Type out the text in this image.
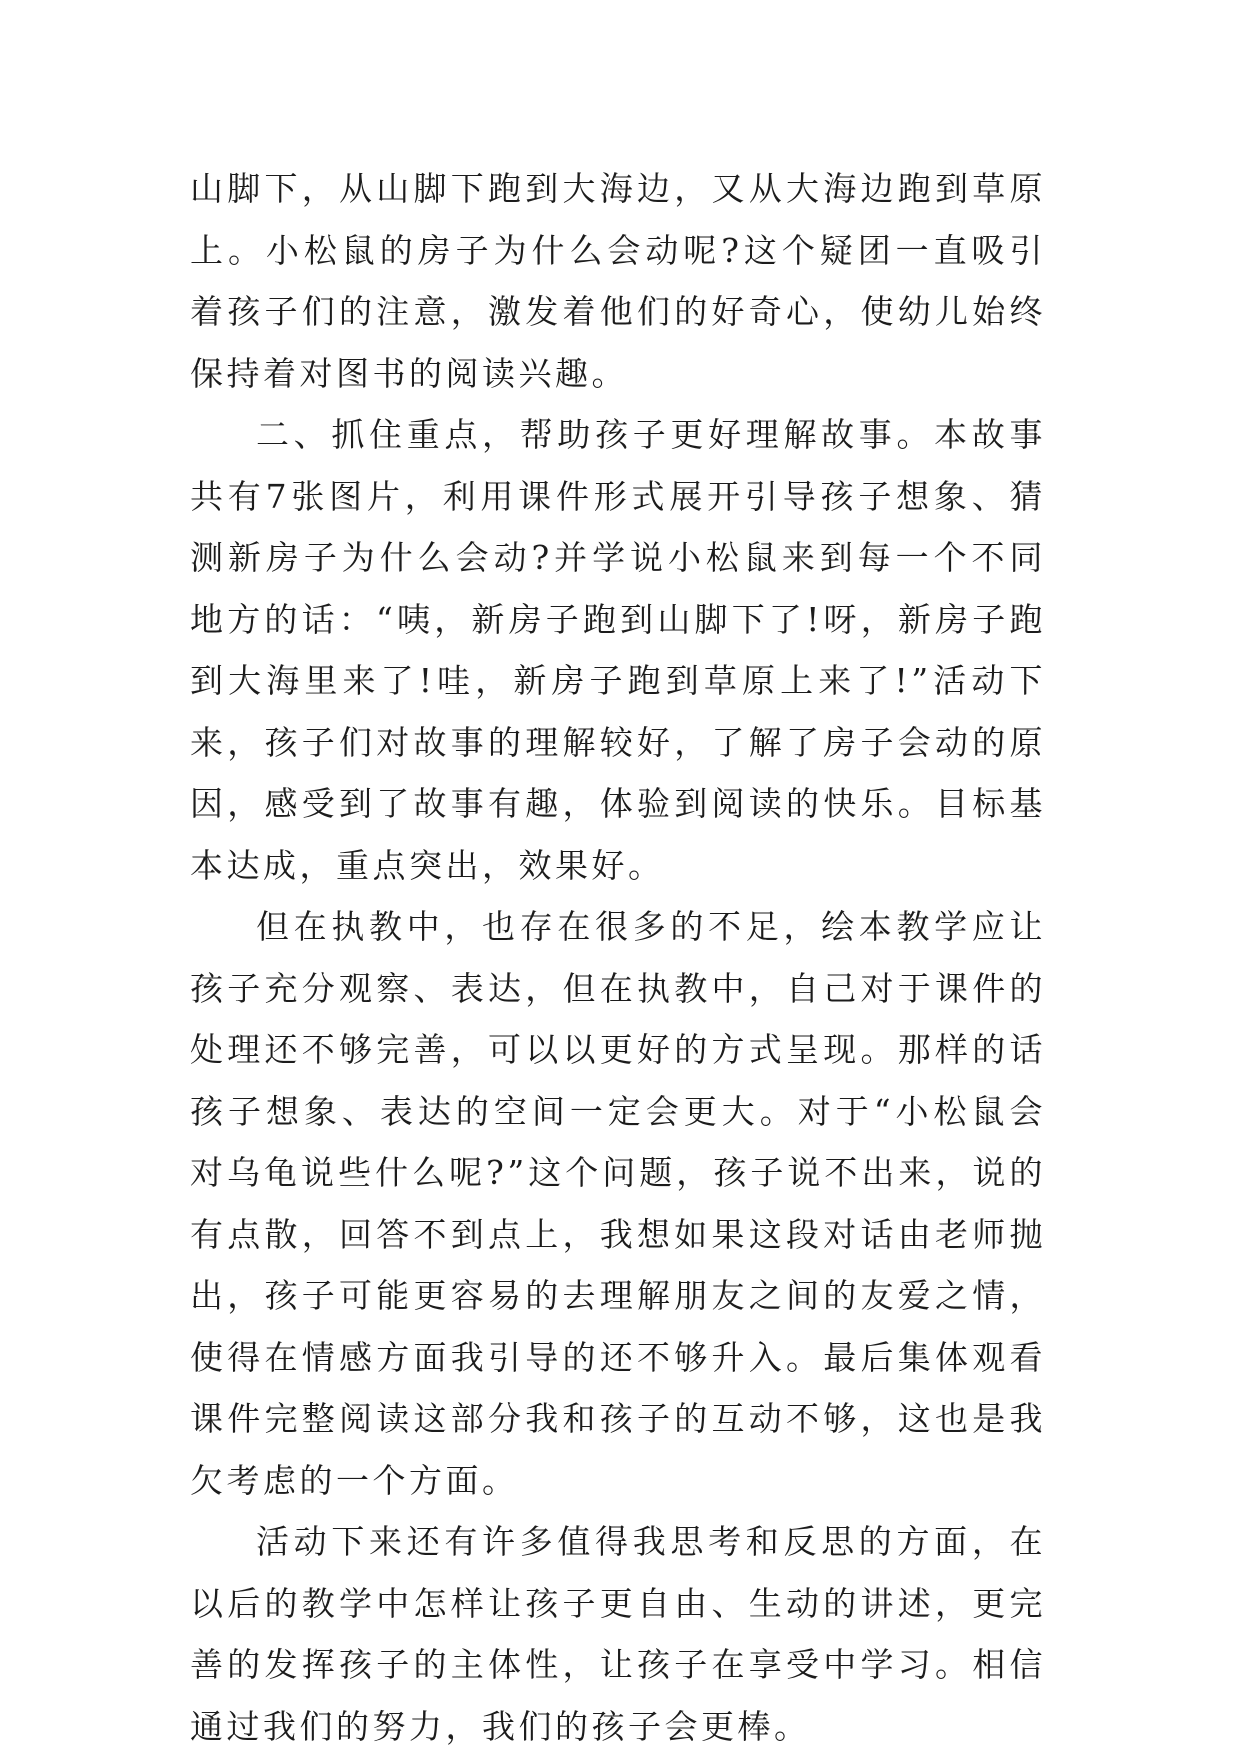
山脚下，从山脚下跑到大海边，又从大海边跑到草原上。小松鼠的房子为什么会动呢?这个疑团一直吸引着孩子们的注意，激发着他们的好奇心，使幼儿始终保持着对图书的阅读兴趣。

二、抓住重点，帮助孩子更好理解故事。本故事共有7张图片，利用课件形式展开引导孩子想象、猜测新房子为什么会动?并学说小松鼠来到每一个不同地方的话：“咦，新房子跑到山脚下了!呀，新房子跑到大海里来了!哇，新房子跑到草原上来了!”活动下来，孩子们对故事的理解较好，了解了房子会动的原因，感受到了故事有趣，体验到阅读的快乐。目标基本达成，重点突出，效果好。

但在执教中，也存在很多的不足，绘本教学应让孩子充分观察、表达，但在执教中，自己对于课件的处理还不够完善，可以以更好的方式呈现。那样的话孩子想象、表达的空间一定会更大。对于“小松鼠会对乌龟说些什么呢?”这个问题，孩子说不出来，说的有点散，回答不到点上，我想如果这段对话由老师抛出，孩子可能更容易的去理解朋友之间的友爱之情，使得在情感方面我引导的还不够升入。最后集体观看课件完整阅读这部分我和孩子的互动不够，这也是我欠考虑的一个方面。

活动下来还有许多值得我思考和反思的方面，在以后的教学中怎样让孩子更自由、生动的讲述，更完善的发挥孩子的主体性，让孩子在享受中学习。相信通过我们的努力，我们的孩子会更棒。
